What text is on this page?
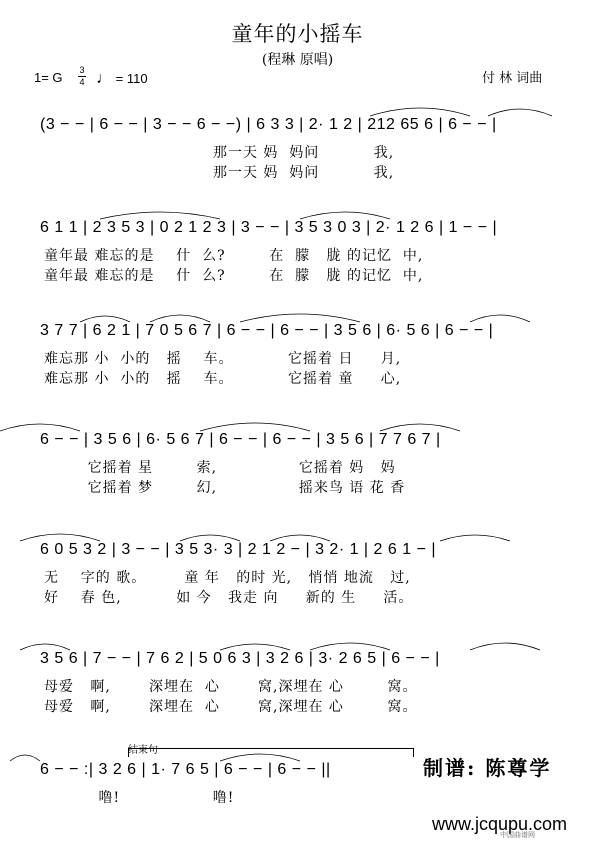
童年的小摇车
(程琳 原唱)
1= G 3
4 ♩ = 110	付 林 词曲
(3 − − | 6 − − | 3 − − 6 − −) | 6 3 3 | 2· 1 2 | 212 65 6 | 6 − − |
那一天 妈  妈问          我,
那一天 妈  妈问          我,
6 1 1 | 2 3 5 3 | 0 2 1 2 3 | 3 − − | 3 5 3 0 3 | 2· 1 2 6 | 1 − − |
童年最 难忘的是    什  么?        在  朦   胧 的记忆  中,
童年最 难忘的是    什  么?        在  朦   胧 的记忆  中,
3 7 7 | 6 2 1 | 7 0 5 6 7 | 6 − − | 6 − − | 3 5 6 | 6· 5 6 | 6 − − |
难忘那 小  小的   摇    车。          它摇着 日     月,
难忘那 小  小的   摇    车。          它摇着 童     心,
6 − − | 3 5 6 | 6· 5 6 7 | 6 − − | 6 − − | 3 5 6 | 7 7 6 7 |
它摇着 星        索,               它摇着 妈   妈
它摇着 梦        幻,               摇来鸟 语 花 香
6 0 5 3 2 | 3 − − | 3 5 3· 3 | 2 1 2 − | 3 2· 1 | 2 6 1 − |
无    字的 歌。       童 年   的时 光,   悄悄 地流   过,
好    春 色,          如 今   我走 向     新的 生     活。
3 5 6 | 7 − − | 7 6 2 | 5 0 6 3 | 3 2 6 | 3· 2 6 5 | 6 − − |
母爱   啊,       深埋在  心       窝,深埋在 心        窝。
母爱   啊,       深埋在  心       窝,深埋在 心        窝。
结束句
6 − − :| 3 2 6 | 1· 7 6 5 | 6 − − | 6 − − ||
噜!                 噜!
制谱: 陈尊学
www.jcqupu.com
中国曲谱网
